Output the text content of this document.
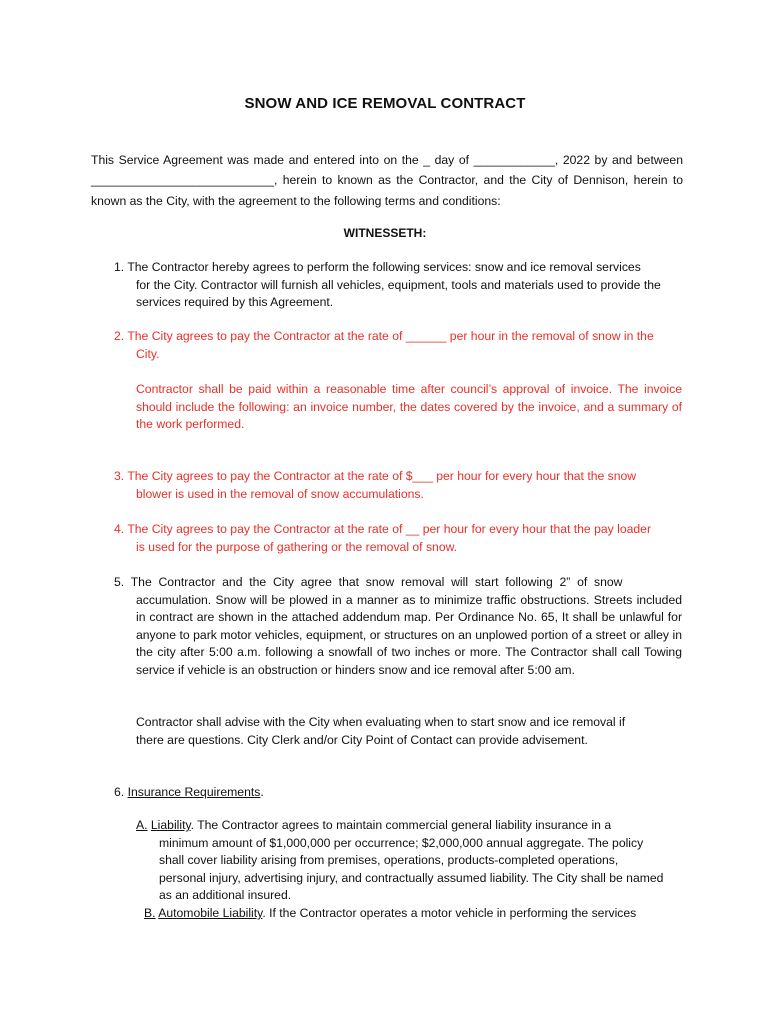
SNOW AND ICE REMOVAL CONTRACT
This Service Agreement was made and entered into on the _ day of ____________, 2022 by and between ___________________________, herein to known as the Contractor, and the City of Dennison, herein to known as the City, with the agreement to the following terms and conditions:
WITNESSETH:
1. The Contractor hereby agrees to perform the following services: snow and ice removal services
for the City. Contractor will furnish all vehicles, equipment, tools and materials used to provide the services required by this Agreement.
2. The City agrees to pay the Contractor at the rate of ______ per hour in the removal of snow in the
City.
Contractor shall be paid within a reasonable time after council’s approval of invoice. The invoice should include the following: an invoice number, the dates covered by the invoice, and a summary of the work performed.
3. The City agrees to pay the Contractor at the rate of $___ per hour for every hour that the snow
blower is used in the removal of snow accumulations.
4. The City agrees to pay the Contractor at the rate of __ per hour for every hour that the pay loader
is used for the purpose of gathering or the removal of snow.
5.  The  Contractor  and  the  City  agree  that  snow  removal  will  start  following  2”  of  snow
accumulation. Snow will be plowed in a manner as to minimize traffic obstructions. Streets included in contract are shown in the attached addendum map. Per Ordinance No. 65, It shall be unlawful for anyone to park motor vehicles, equipment, or structures on an unplowed portion of a street or alley in the city after 5:00 a.m. following a snowfall of two inches or more. The Contractor shall call Towing service if vehicle is an obstruction or hinders snow and ice removal after 5:00 am.
Contractor shall advise with the City when evaluating when to start snow and ice removal if there are questions. City Clerk and/or City Point of Contact can provide advisement.
6. Insurance Requirements.
A. Liability. The Contractor agrees to maintain commercial general liability insurance in a
minimum amount of $1,000,000 per occurrence; $2,000,000 annual aggregate. The policy shall cover liability arising from premises, operations, products-completed operations, personal injury, advertising injury, and contractually assumed liability. The City shall be named as an additional insured.
B. Automobile Liability. If the Contractor operates a motor vehicle in performing the services
